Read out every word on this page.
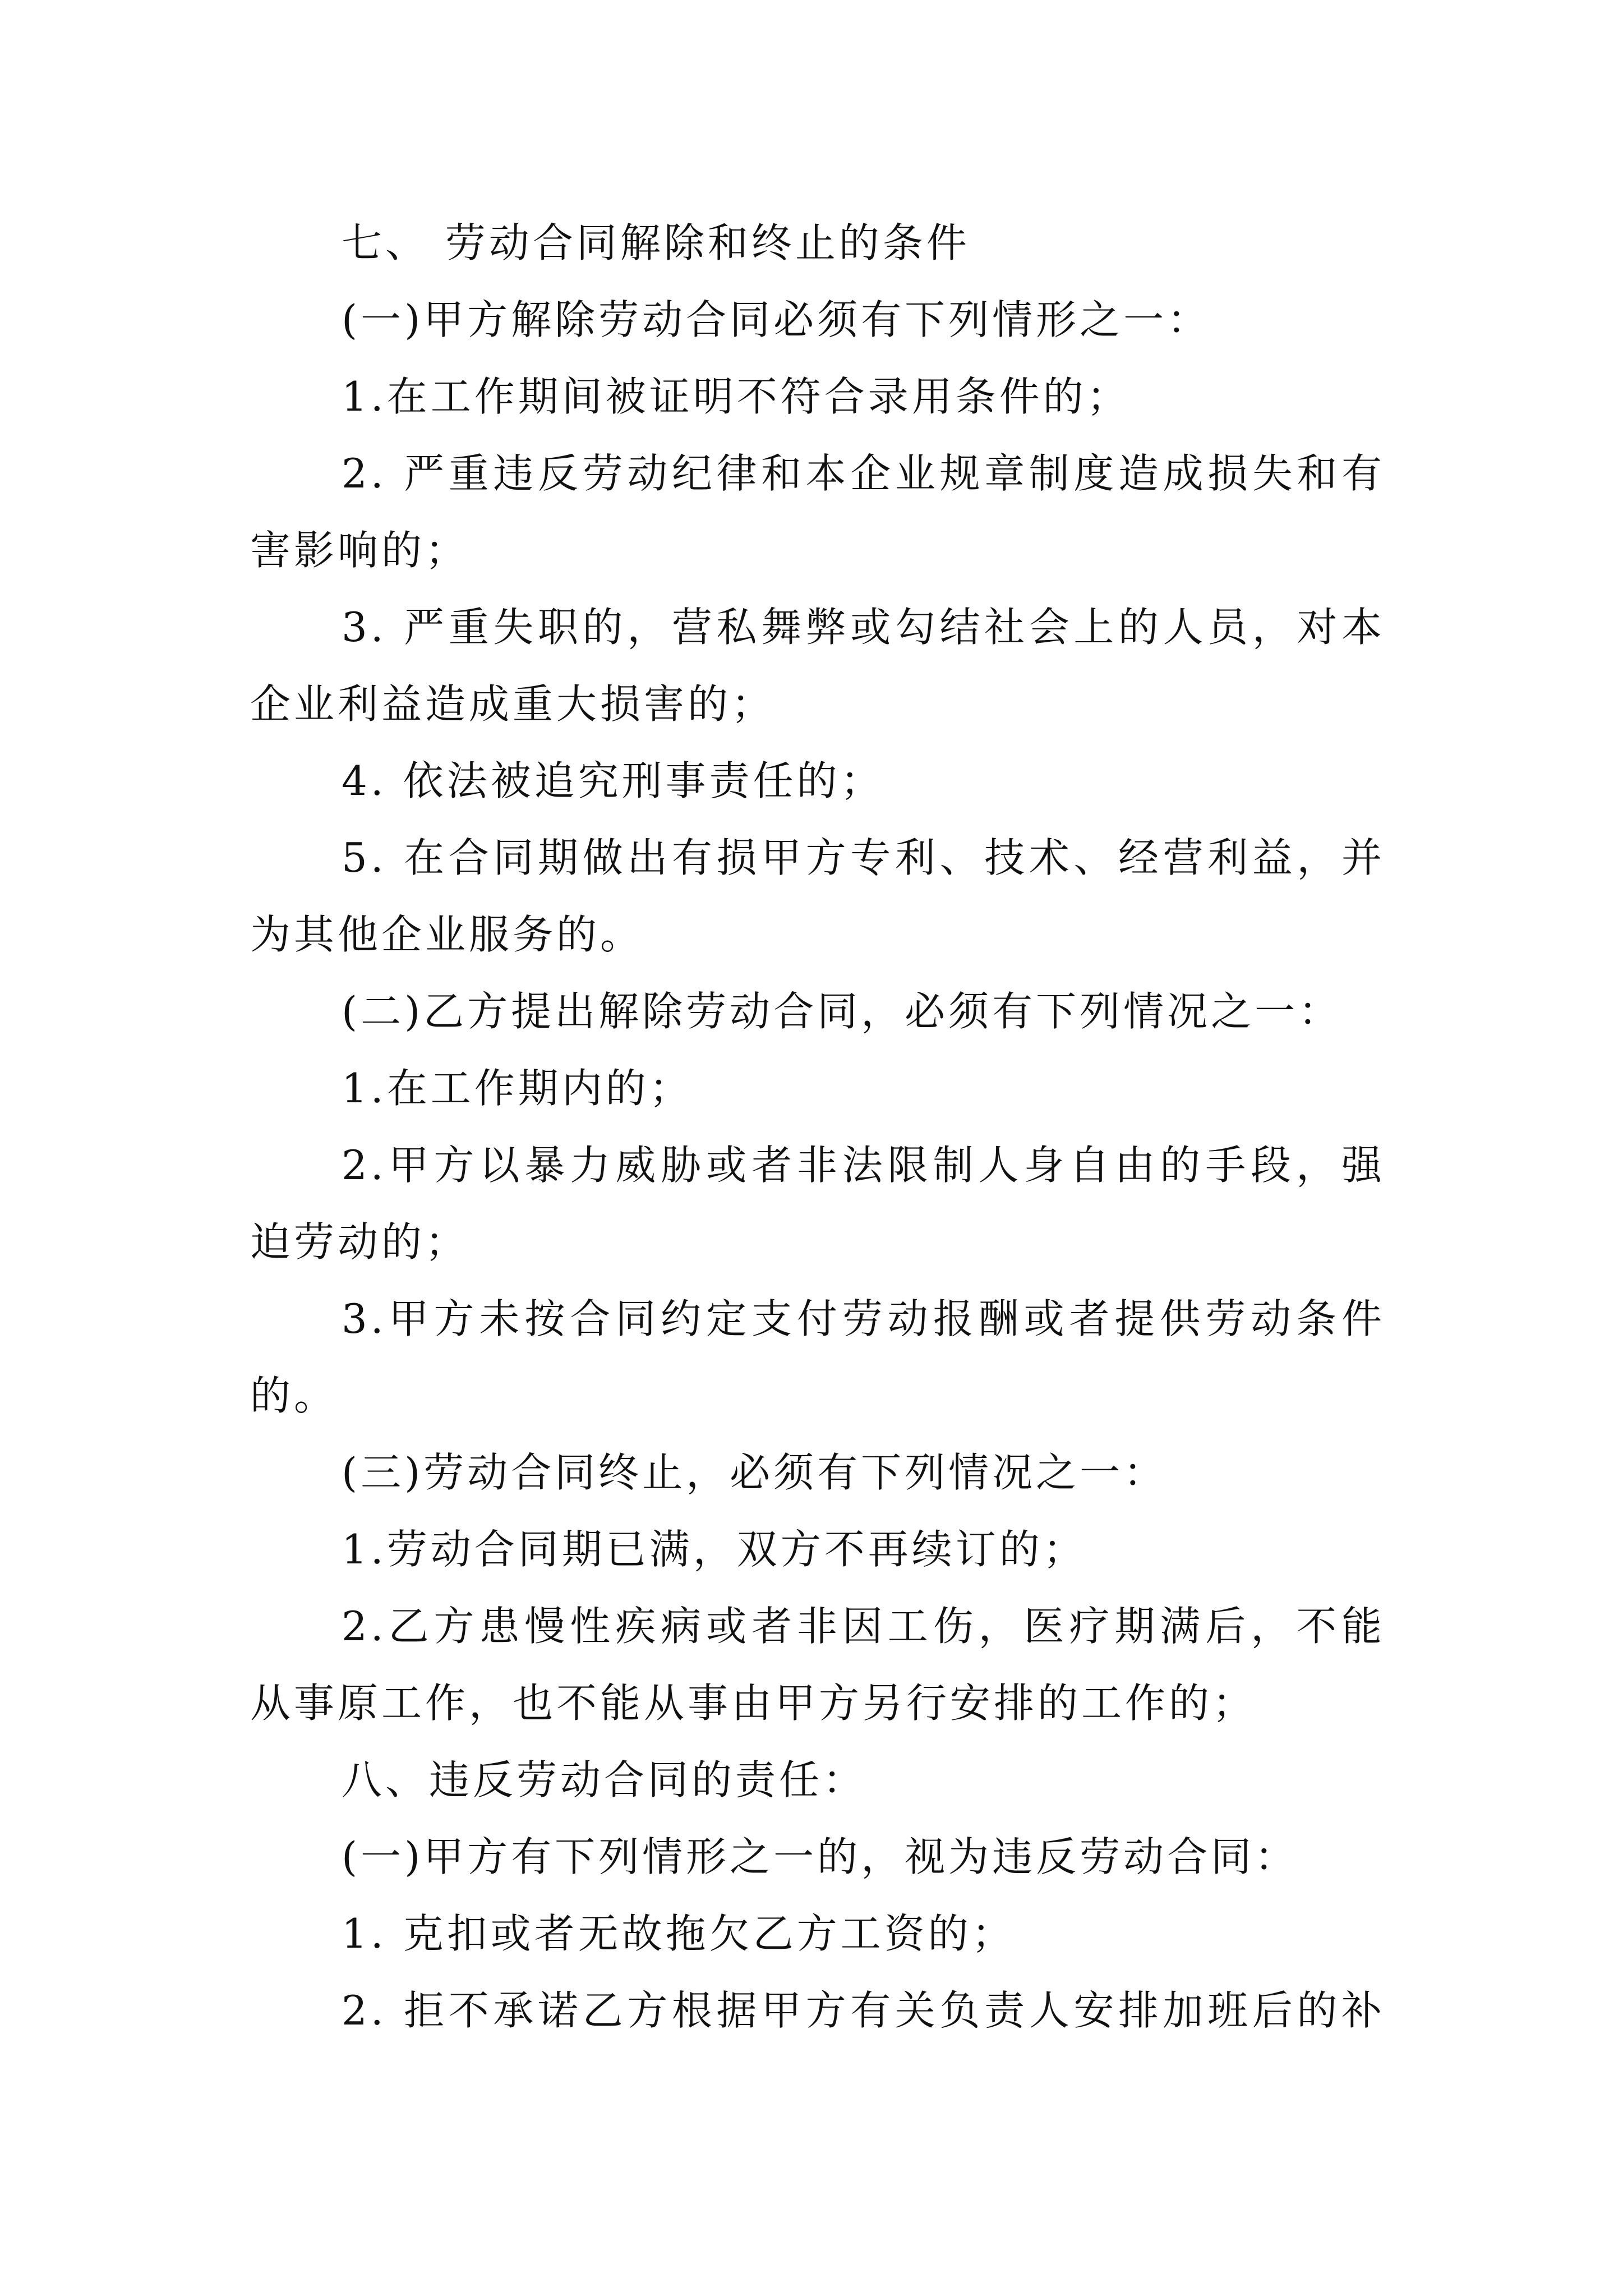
七、 劳动合同解除和终止的条件
(一)甲方解除劳动合同必须有下列情形之一：
1.在工作期间被证明不符合录用条件的；
2. 严重违反劳动纪律和本企业规章制度造成损失和有
害影响的；
3. 严重失职的，营私舞弊或勾结社会上的人员，对本
企业利益造成重大损害的；
4. 依法被追究刑事责任的；
5. 在合同期做出有损甲方专利、技术、经营利益，并
为其他企业服务的。
(二)乙方提出解除劳动合同，必须有下列情况之一：
1.在工作期内的；
2.甲方以暴力威胁或者非法限制人身自由的手段，强
迫劳动的；
3.甲方未按合同约定支付劳动报酬或者提供劳动条件
的。
(三)劳动合同终止，必须有下列情况之一：
1.劳动合同期已满，双方不再续订的；
2.乙方患慢性疾病或者非因工伤，医疗期满后，不能
从事原工作，也不能从事由甲方另行安排的工作的；
八、违反劳动合同的责任：
(一)甲方有下列情形之一的，视为违反劳动合同：
1. 克扣或者无故拖欠乙方工资的；
2. 拒不承诺乙方根据甲方有关负责人安排加班后的补
